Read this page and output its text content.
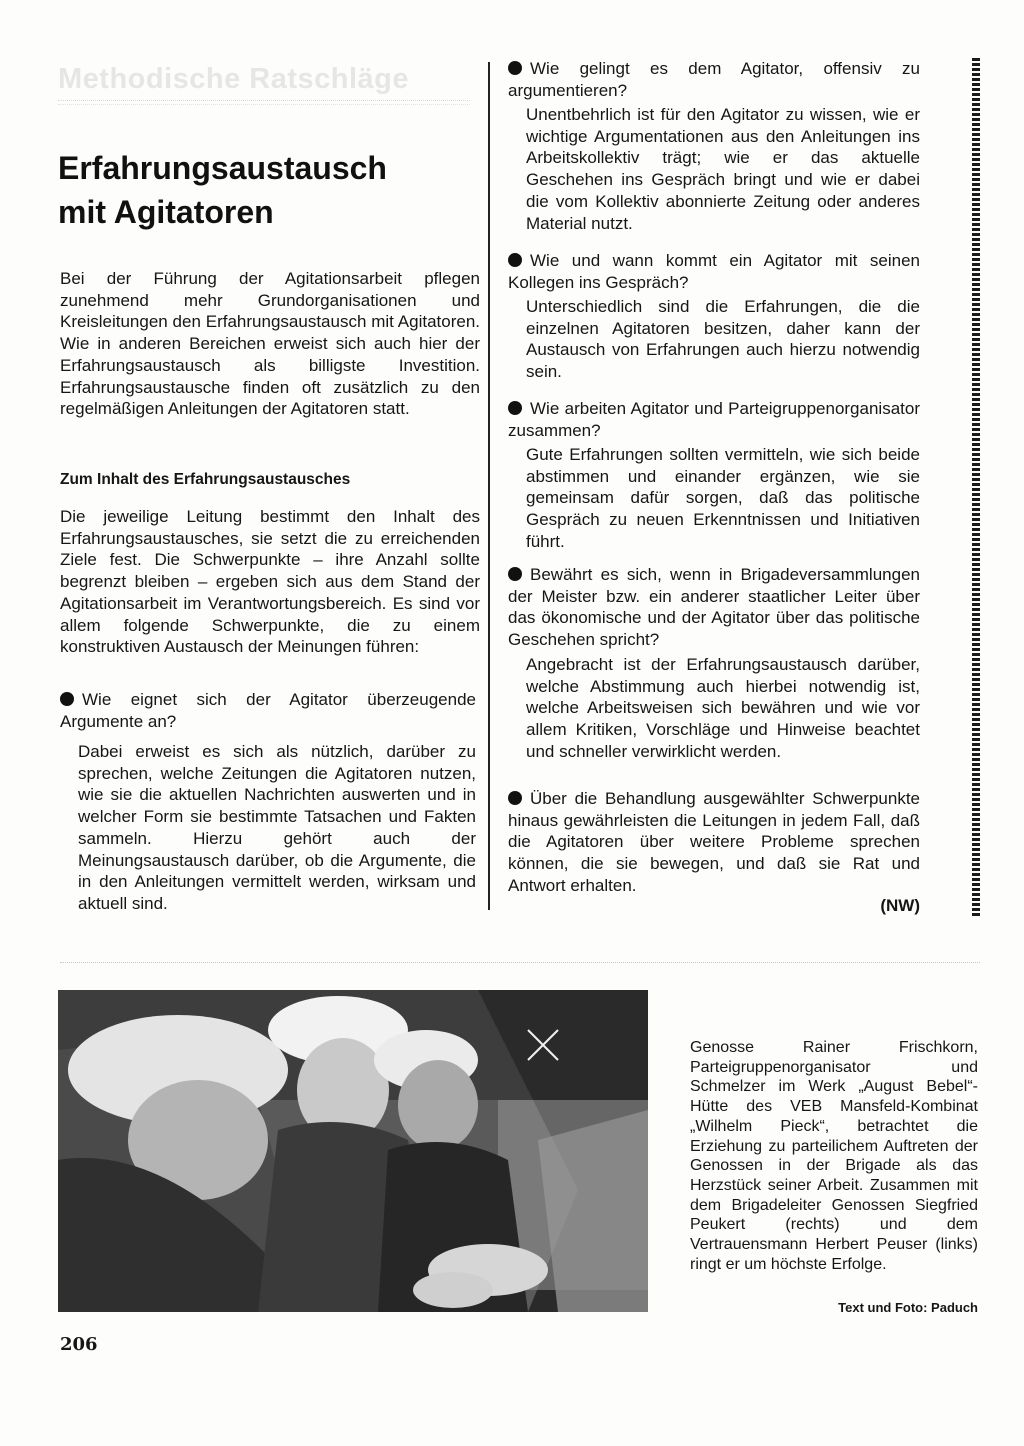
Methodische Ratschläge
Erfahrungsaustausch
mit Agitatoren

Bei der Führung der Agitationsarbeit pflegen zunehmend mehr Grundorganisationen und Kreisleitungen den Erfahrungsaustausch mit Agitatoren. Wie in anderen Bereichen erweist sich auch hier der Erfahrungsaustausch als billigste Investition. Erfahrungsaustausche finden oft zusätzlich zu den regelmäßigen Anleitungen der Agitatoren statt.

Zum Inhalt des Erfahrungsaustausches

Die jeweilige Leitung bestimmt den Inhalt des Erfahrungsaustausches, sie setzt die zu erreichenden Ziele fest. Die Schwerpunkte – ihre Anzahl sollte begrenzt bleiben – ergeben sich aus dem Stand der Agitationsarbeit im Verantwortungsbereich. Es sind vor allem folgende Schwerpunkte, die zu einem konstruktiven Austausch der Meinungen führen:

Wie eignet sich der Agitator überzeugende Argumente an?
Dabei erweist es sich als nützlich, darüber zu sprechen, welche Zeitungen die Agitatoren nutzen, wie sie die aktuellen Nachrichten auswerten und in welcher Form sie bestimmte Tatsachen und Fakten sammeln. Hierzu gehört auch der Meinungsaustausch darüber, ob die Argumente, die in den Anleitungen vermittelt werden, wirksam und aktuell sind.
Wie gelingt es dem Agitator, offensiv zu argumentieren?
Unentbehrlich ist für den Agitator zu wissen, wie er wichtige Argumentationen aus den Anleitungen ins Arbeitskollektiv trägt; wie er das aktuelle Geschehen ins Gespräch bringt und wie er dabei die vom Kollektiv abonnierte Zeitung oder anderes Material nutzt.
Wie und wann kommt ein Agitator mit seinen Kollegen ins Gespräch?
Unterschiedlich sind die Erfahrungen, die die einzelnen Agitatoren besitzen, daher kann der Austausch von Erfahrungen auch hierzu notwendig sein.
Wie arbeiten Agitator und Parteigruppenorganisator zusammen?
Gute Erfahrungen sollten vermitteln, wie sich beide abstimmen und einander ergänzen, wie sie gemeinsam dafür sorgen, daß das politische Gespräch zu neuen Erkenntnissen und Initiativen führt.
Bewährt es sich, wenn in Brigadeversammlungen der Meister bzw. ein anderer staatlicher Leiter über das ökonomische und der Agitator über das politische Geschehen spricht?
Angebracht ist der Erfahrungsaustausch darüber, welche Abstimmung auch hierbei notwendig ist, welche Arbeitsweisen sich bewähren und wie vor allem Kritiken, Vorschläge und Hinweise beachtet und schneller verwirklicht werden.
Über die Behandlung ausgewählter Schwerpunkte hinaus gewährleisten die Leitungen in jedem Fall, daß die Agitatoren über weitere Probleme sprechen können, die sie bewegen, und daß sie Rat und Antwort erhalten.
(NW)
Genosse Rainer Frischkorn, Parteigruppenorganisator und Schmelzer im Werk „August Bebel“-Hütte des VEB Mansfeld-Kombinat „Wilhelm Pieck“, betrachtet die Erziehung zu parteilichem Auftreten der Genossen in der Brigade als das Herzstück seiner Arbeit. Zusammen mit dem Brigadeleiter Genossen Siegfried Peukert (rechts) und dem Vertrauensmann Herbert Peuser (links) ringt er um höchste Erfolge.
Text und Foto: Paduch
206
